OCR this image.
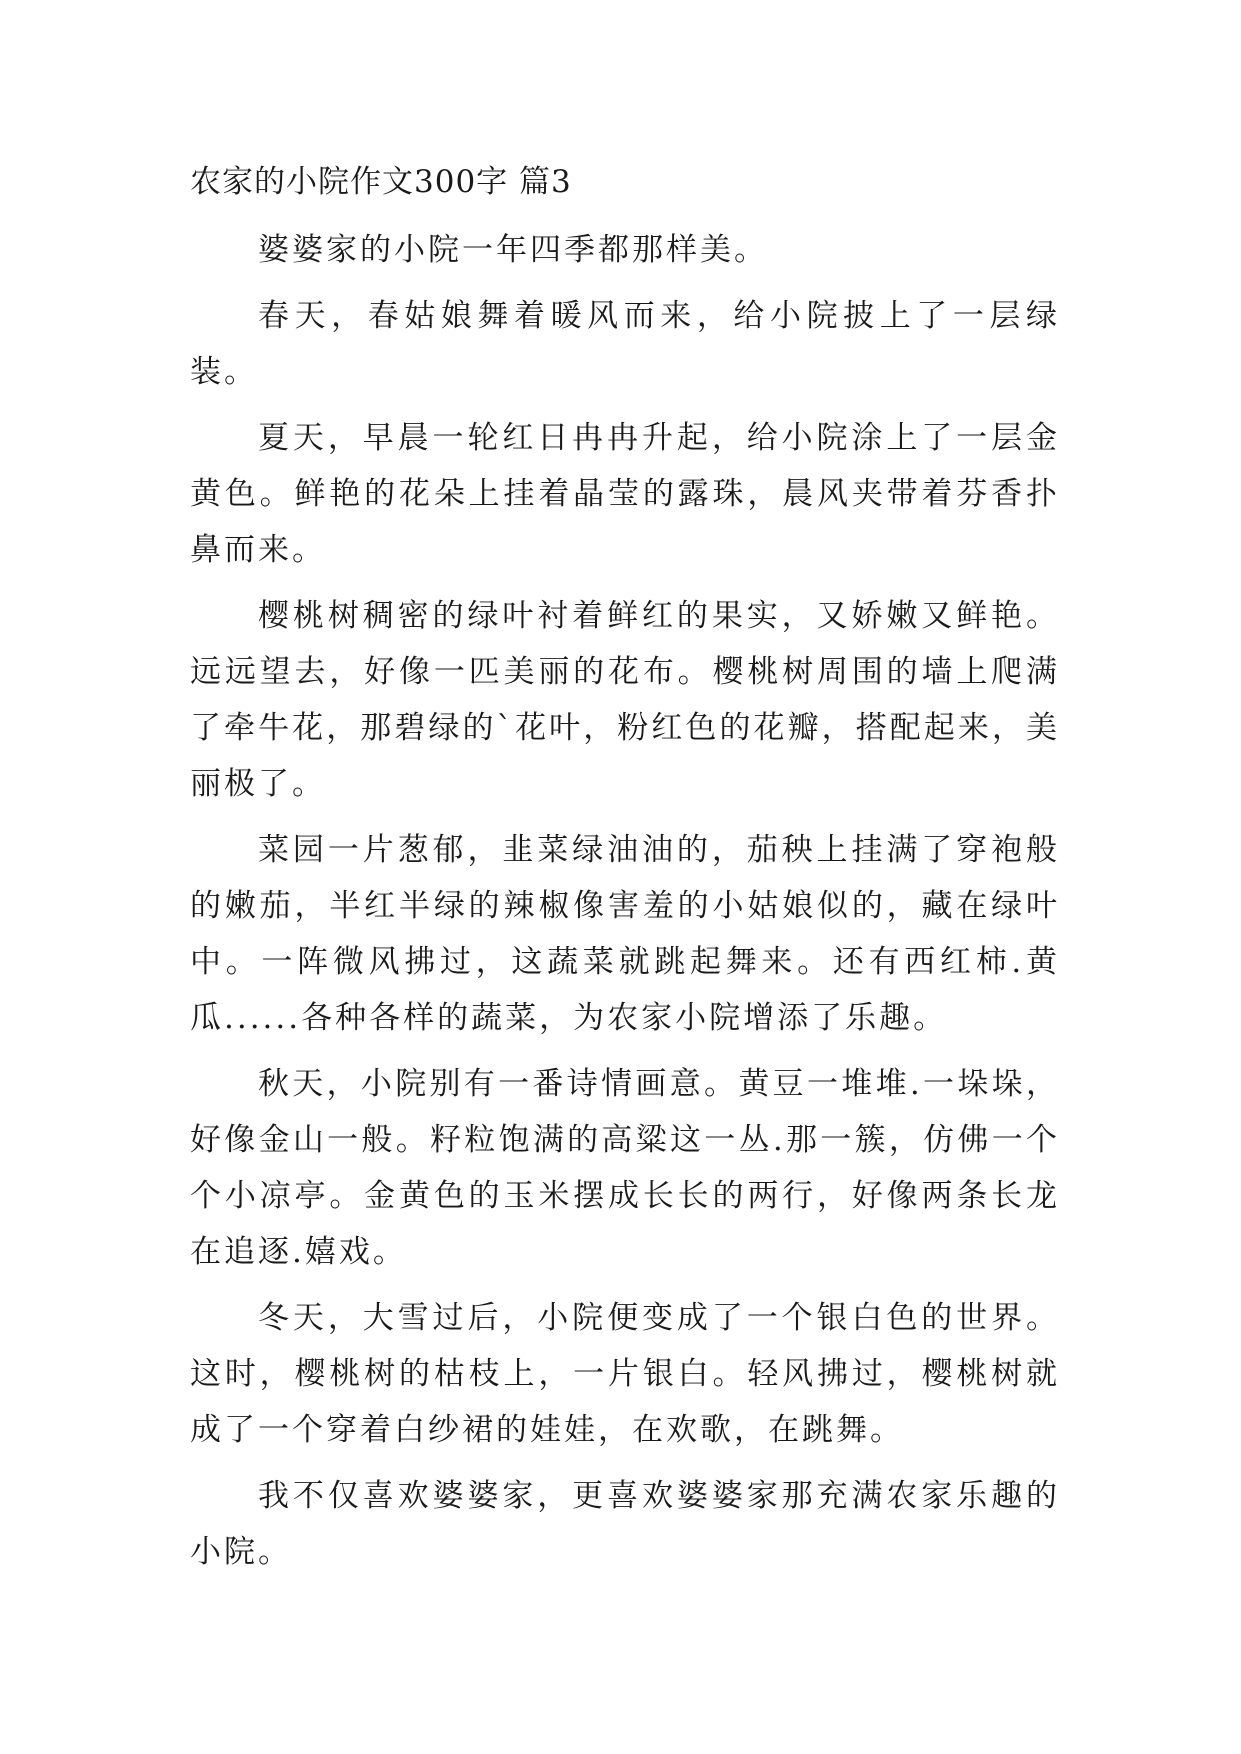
农家的小院作文300字 篇3

婆婆家的小院一年四季都那样美。

春天，春姑娘舞着暖风而来，给小院披上了一层绿装。

夏天，早晨一轮红日冉冉升起，给小院涂上了一层金黄色。鲜艳的花朵上挂着晶莹的露珠，晨风夹带着芬香扑鼻而来。

樱桃树稠密的绿叶衬着鲜红的果实，又娇嫩又鲜艳。远远望去，好像一匹美丽的花布。樱桃树周围的墙上爬满了牵牛花，那碧绿的`花叶，粉红色的花瓣，搭配起来，美丽极了。

菜园一片葱郁，韭菜绿油油的，茄秧上挂满了穿袍般的嫩茄，半红半绿的辣椒像害羞的小姑娘似的，藏在绿叶中。一阵微风拂过，这蔬菜就跳起舞来。还有西红柿.黄瓜......各种各样的蔬菜，为农家小院增添了乐趣。

秋天，小院别有一番诗情画意。黄豆一堆堆.一垛垛，好像金山一般。籽粒饱满的高粱这一丛.那一簇，仿佛一个个小凉亭。金黄色的玉米摆成长长的两行，好像两条长龙在追逐.嬉戏。

冬天，大雪过后，小院便变成了一个银白色的世界。这时，樱桃树的枯枝上，一片银白。轻风拂过，樱桃树就成了一个穿着白纱裙的娃娃，在欢歌，在跳舞。

我不仅喜欢婆婆家，更喜欢婆婆家那充满农家乐趣的小院。
